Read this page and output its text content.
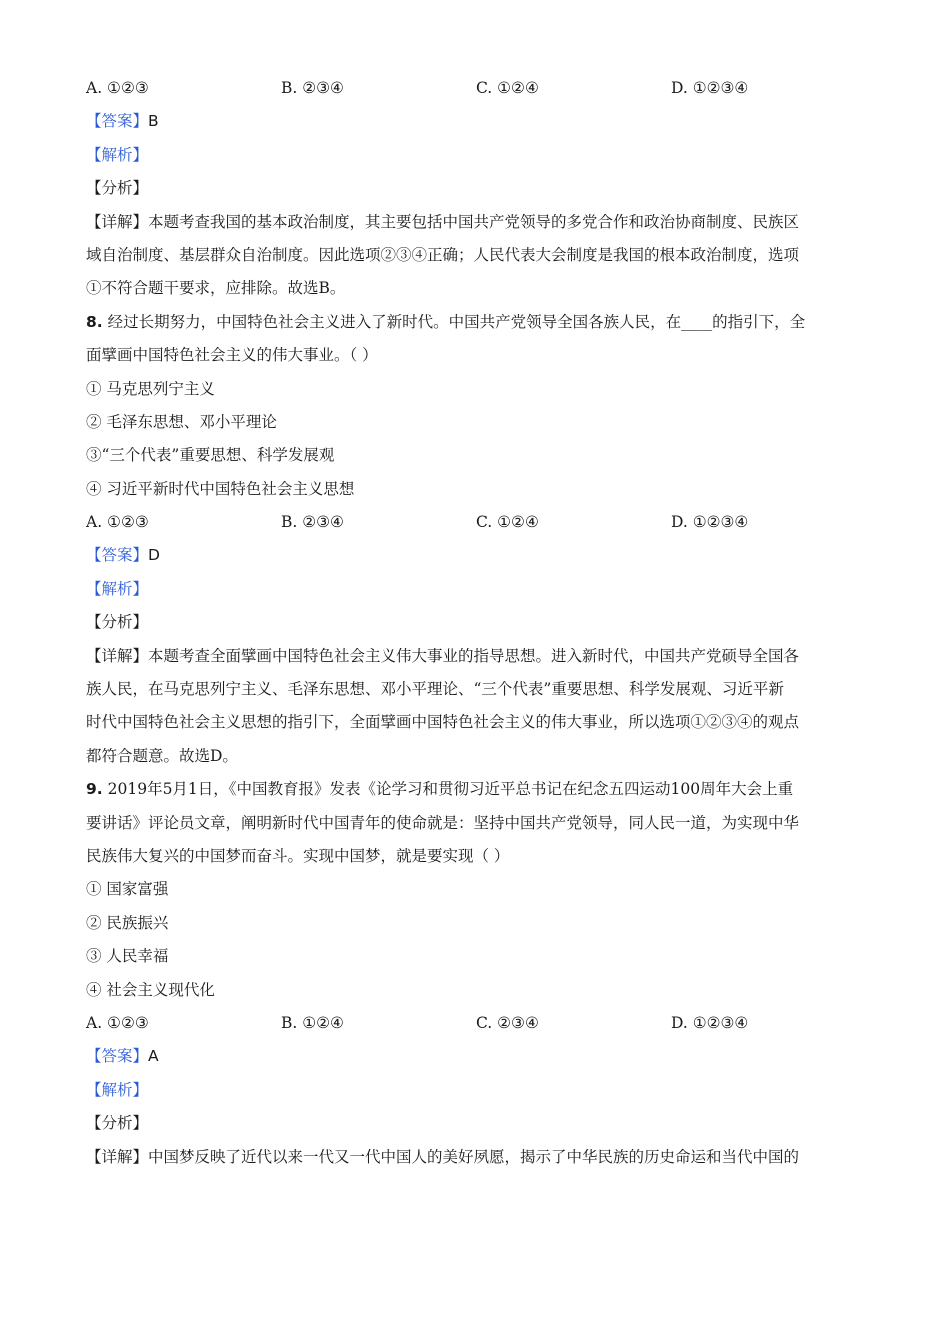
A. ①②③	B. ②③④	C. ①②④	D. ①②③④
【答案】B
【解析】
【分析】
【详解】本题考查我国的基本政治制度，其主要包括中国共产党领导的多党合作和政治协商制度、民族区
域自治制度、基层群众自治制度。因此选项②③④正确；人民代表大会制度是我国的根本政治制度，选项
①不符合题干要求，应排除。故选B。
8. 经过长期努力，中国特色社会主义进入了新时代。中国共产党领导全国各族人民，在____的指引下，全
面擘画中国特色社会主义的伟大事业。（ ）
① 马克思列宁主义
② 毛泽东思想、邓小平理论
③“三个代表”重要思想、科学发展观
④ 习近平新时代中国特色社会主义思想
A. ①②③	B. ②③④	C. ①②④	D. ①②③④
【答案】D
【解析】
【分析】
【详解】本题考查全面擘画中国特色社会主义伟大事业的指导思想。进入新时代，中国共产党硕导全国各
族人民，在马克思列宁主义、毛泽东思想、邓小平理论、“三个代表”重要思想、科学发展观、习近平新
时代中国特色社会主义思想的指引下，全面擘画中国特色社会主义的伟大事业，所以选项①②③④的观点
都符合题意。故选D。
9. 2019年5月1日，《中国教育报》发表《论学习和贯彻习近平总书记在纪念五四运动100周年大会上重
要讲话》评论员文章，阐明新时代中国青年的使命就是：坚持中国共产党领导，同人民一道，为实现中华
民族伟大复兴的中国梦而奋斗。实现中国梦，就是要实现（ ）
① 国家富强
② 民族振兴
③ 人民幸福
④ 社会主义现代化
A. ①②③	B. ①②④	C. ②③④	D. ①②③④
【答案】A
【解析】
【分析】
【详解】中国梦反映了近代以来一代又一代中国人的美好夙愿，揭示了中华民族的历史命运和当代中国的
